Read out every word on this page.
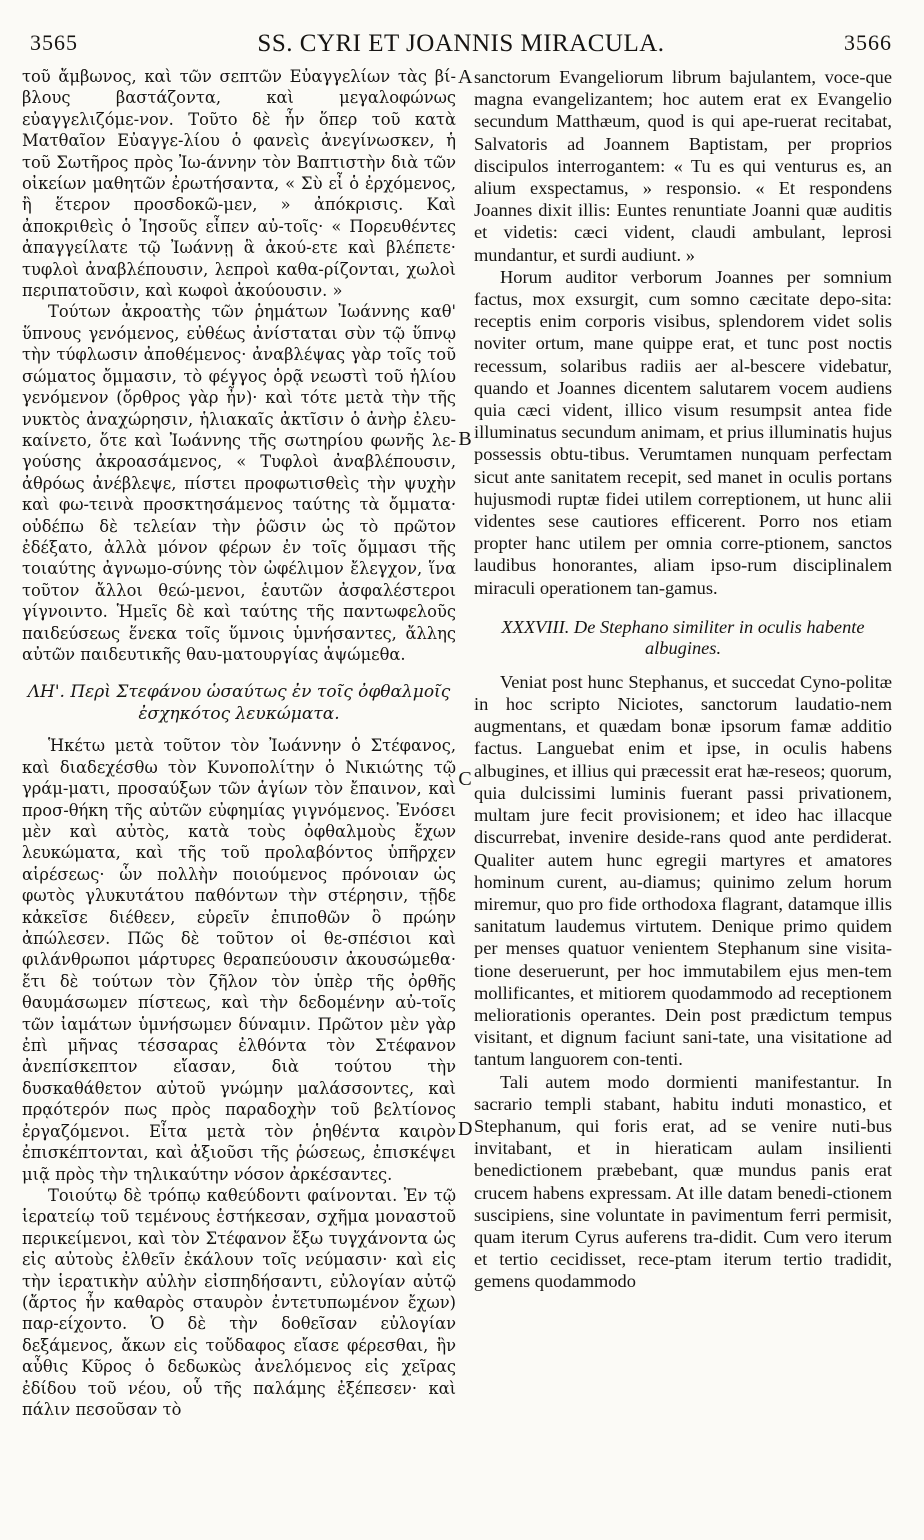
3565	SS. CYRI ET JOANNIS MIRACULA.	3566

τοῦ ἄμβωνος, καὶ τῶν σεπτῶν Εὐαγγελίων τὰς βί-βλους βαστάζοντα, καὶ μεγαλοφώνως εὐαγγελιζόμε-νον. Τοῦτο δὲ ἦν ὅπερ τοῦ κατὰ Ματθαῖον Εὐαγγε-λίου ὁ φανεὶς ἀνεγίνωσκεν, ἡ τοῦ Σωτῆρος πρὸς Ἰω-άννην τὸν Βαπτιστὴν διὰ τῶν οἰκείων μαθητῶν ἐρωτήσαντα, « Σὺ εἶ ὁ ἐρχόμενος, ἢ ἕτερον προσδοκῶ-μεν, » ἀπόκρισις. Καὶ ἀποκριθεὶς ὁ Ἰησοῦς εἶπεν αὐ-τοῖς· « Πορευθέντες ἀπαγγείλατε τῷ Ἰωάννῃ ἃ ἀκού-ετε καὶ βλέπετε· τυφλοὶ ἀναβλέπουσιν, λεπροὶ καθα-ρίζονται, χωλοὶ περιπατοῦσιν, καὶ κωφοὶ ἀκούουσιν. »

Τούτων ἀκροατὴς τῶν ῥημάτων Ἰωάννης καθ' ὕπνους γενόμενος, εὐθέως ἀνίσταται σὺν τῷ ὕπνῳ τὴν τύφλωσιν ἀποθέμενος· ἀναβλέψας γὰρ τοῖς τοῦ σώματος ὄμμασιν, τὸ φέγγος ὁρᾷ νεωστὶ τοῦ ἡλίου γενόμενον (ὄρθρος γὰρ ἦν)· καὶ τότε μετὰ τὴν τῆς νυκτὸς ἀναχώρησιν, ἡλιακαῖς ἀκτῖσιν ὁ ἀνὴρ ἐλευ-καίνετο, ὅτε καὶ Ἰωάννης τῆς σωτηρίου φωνῆς λε-γούσης ἀκροασάμενος, « Τυφλοὶ ἀναβλέπουσιν, ἀθρόως ἀνέβλεψε, πίστει προφωτισθεὶς τὴν ψυχὴν καὶ φω-τεινὰ προσκτησάμενος ταύτης τὰ ὄμματα· οὐδέπω δὲ τελείαν τὴν ῥῶσιν ὡς τὸ πρῶτον ἐδέξατο, ἀλλὰ μόνον φέρων ἐν τοῖς ὄμμασι τῆς τοιαύτης ἀγνωμο-σύνης τὸν ὠφέλιμον ἔλεγχον, ἵνα τοῦτον ἄλλοι θεώ-μενοι, ἑαυτῶν ἀσφαλέστεροι γίγνοιντο. Ἡμεῖς δὲ καὶ ταύτης τῆς παντωφελοῦς παιδεύσεως ἕνεκα τοῖς ὕμνοις ὑμνήσαντες, ἄλλης αὐτῶν παιδευτικῆς θαυ-ματουργίας ἁψώμεθα.

ΛΗ'. Περὶ Στεφάνου ὡσαύτως ἐν τοῖς ὀφθαλμοῖς ἐσχηκότος λευκώματα.

Ἡκέτω μετὰ τοῦτον τὸν Ἰωάννην ὁ Στέφανος, καὶ διαδεχέσθω τὸν Κυνοπολίτην ὁ Νικιώτης τῷ γράμ-ματι, προσαύξων τῶν ἁγίων τὸν ἔπαινον, καὶ προσ-θήκη τῆς αὐτῶν εὐφημίας γιγνόμενος. Ἐνόσει μὲν καὶ αὐτὸς, κατὰ τοὺς ὀφθαλμοὺς ἔχων λευκώματα, καὶ τῆς τοῦ προλαβόντος ὑπῆρχεν αἱρέσεως· ὧν πολλὴν ποιούμενος πρόνοιαν ὡς φωτὸς γλυκυτάτου παθόντων τὴν στέρησιν, τῇδε κἀκεῖσε διέθεεν, εὑρεῖν ἐπιποθῶν ὃ πρώην ἀπώλεσεν. Πῶς δὲ τοῦτον οἱ θε-σπέσιοι καὶ φιλάνθρωποι μάρτυρες θεραπεύουσιν ἀκουσώμεθα· ἔτι δὲ τούτων τὸν ζῆλον τὸν ὑπὲρ τῆς ὀρθῆς θαυμάσωμεν πίστεως, καὶ τὴν δεδομένην αὐ-τοῖς τῶν ἰαμάτων ὑμνήσωμεν δύναμιν. Πρῶτον μὲν γὰρ ἐπὶ μῆνας τέσσαρας ἐλθόντα τὸν Στέφανον ἀνεπίσκεπτον εἴασαν, διὰ τούτου τὴν δυσκαθάθετον αὐτοῦ γνώμην μαλάσσοντες, καὶ πρᾳότερόν πως πρὸς παραδοχὴν τοῦ βελτίονος ἐργαζόμενοι. Εἶτα μετὰ τὸν ῥηθέντα καιρὸν ἐπισκέπτονται, καὶ ἀξιοῦσι τῆς ῥώσεως, ἐπισκέψει μιᾷ πρὸς τὴν τηλικαύτην νόσον ἀρκέσαντες.

Τοιούτῳ δὲ τρόπῳ καθεύδοντι φαίνονται. Ἐν τῷ ἱερατείῳ τοῦ τεμένους ἑστήκεσαν, σχῆμα μοναστοῦ περικείμενοι, καὶ τὸν Στέφανον ἔξω τυγχάνοντα ὡς εἰς αὐτοὺς ἐλθεῖν ἐκάλουν τοῖς νεύμασιν· καὶ εἰς τὴν ἱερατικὴν αὐλὴν εἰσπηδήσαντι, εὐλογίαν αὐτῷ (ἄρτος ἦν καθαρὸς σταυρὸν ἐντετυπωμένον ἔχων) παρ-είχοντο. Ὁ δὲ τὴν δοθεῖσαν εὐλογίαν δεξάμενος, ἄκων εἰς τοὔδαφος εἴασε φέρεσθαι, ἣν αὖθις Κῦρος ὁ δεδωκὼς ἀνελόμενος εἰς χεῖρας ἐδίδου τοῦ νέου, οὗ τῆς παλάμης ἐξέπεσεν· καὶ πάλιν πεσοῦσαν τὸ

A
B
C
D

sanctorum Evangeliorum librum bajulantem, voce-que magna evangelizantem; hoc autem erat ex Evangelio secundum Matthæum, quod is qui ape-ruerat recitabat, Salvatoris ad Joannem Baptistam, per proprios discipulos interrogantem: « Tu es qui venturus es, an alium exspectamus, » responsio. « Et respondens Joannes dixit illis: Euntes renuntiate Joanni quæ auditis et videtis: cæci vident, claudi ambulant, leprosi mundantur, et surdi audiunt. »

Horum auditor verborum Joannes per somnium factus, mox exsurgit, cum somno cæcitate depo-sita: receptis enim corporis visibus, splendorem videt solis noviter ortum, mane quippe erat, et tunc post noctis recessum, solaribus radiis aer al-bescere videbatur, quando et Joannes dicentem salutarem vocem audiens quia cæci vident, illico visum resumpsit antea fide illuminatus secundum animam, et prius illuminatis hujus possessis obtu-tibus. Verumtamen nunquam perfectam sicut ante sanitatem recepit, sed manet in oculis portans hujusmodi ruptæ fidei utilem correptionem, ut hunc alii videntes sese cautiores efficerent. Porro nos etiam propter hanc utilem per omnia corre-ptionem, sanctos laudibus honorantes, aliam ipso-rum disciplinalem miraculi operationem tan-gamus.

XXXVIII. De Stephano similiter in oculis habente albugines.

Veniat post hunc Stephanus, et succedat Cyno-politæ in hoc scripto Niciotes, sanctorum laudatio-nem augmentans, et quædam bonæ ipsorum famæ additio factus. Languebat enim et ipse, in oculis habens albugines, et illius qui præcessit erat hæ-reseos; quorum, quia dulcissimi luminis fuerant passi privationem, multam jure fecit provisionem; et ideo hac illacque discurrebat, invenire deside-rans quod ante perdiderat. Qualiter autem hunc egregii martyres et amatores hominum curent, au-diamus; quinimo zelum horum miremur, quo pro fide orthodoxa flagrant, datamque illis sanitatum laudemus virtutem. Denique primo quidem per menses quatuor venientem Stephanum sine visita-tione deseruerunt, per hoc immutabilem ejus men-tem mollificantes, et mitiorem quodammodo ad receptionem meliorationis operantes. Dein post prædictum tempus visitant, et dignum faciunt sani-tate, una visitatione ad tantum languorem con-tenti.

Tali autem modo dormienti manifestantur. In sacrario templi stabant, habitu induti monastico, et Stephanum, qui foris erat, ad se venire nuti-bus invitabant, et in hieraticam aulam insilienti benedictionem præbebant, quæ mundus panis erat crucem habens expressam. At ille datam benedi-ctionem suscipiens, sine voluntate in pavimentum ferri permisit, quam iterum Cyrus auferens tra-didit. Cum vero iterum et tertio cecidisset, rece-ptam iterum tertio tradidit, gemens quodammodo
